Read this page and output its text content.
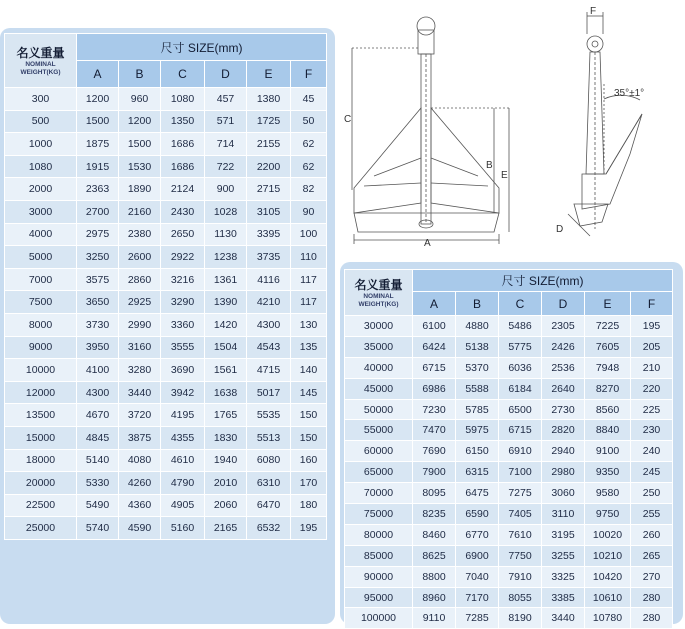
名义重量
NOMINAL
WEIGHT(KG)	尺寸 SIZE(mm)					
	A	B	C	D	E	F
300	1200	960	1080	457	1380	45
500	1500	1200	1350	571	1725	50
1000	1875	1500	1686	714	2155	62
1080	1915	1530	1686	722	2200	62
2000	2363	1890	2124	900	2715	82
3000	2700	2160	2430	1028	3105	90
4000	2975	2380	2650	1130	3395	100
5000	3250	2600	2922	1238	3735	110
7000	3575	2860	3216	1361	4116	117
7500	3650	2925	3290	1390	4210	117
8000	3730	2990	3360	1420	4300	130
9000	3950	3160	3555	1504	4543	135
10000	4100	3280	3690	1561	4715	140
12000	4300	3440	3942	1638	5017	145
13500	4670	3720	4195	1765	5535	150
15000	4845	3875	4355	1830	5513	150
18000	5140	4080	4610	1940	6080	160
20000	5330	4260	4790	2010	6310	170
22500	5490	4360	4905	2060	6470	180
25000	5740	4590	5160	2165	6532	195
名义重量
NOMINAL
WEIGHT(KG)	尺寸 SIZE(mm)					
	A	B	C	D	E	F
30000	6100	4880	5486	2305	7225	195
35000	6424	5138	5775	2426	7605	205
40000	6715	5370	6036	2536	7948	210
45000	6986	5588	6184	2640	8270	220
50000	7230	5785	6500	2730	8560	225
55000	7470	5975	6715	2820	8840	230
60000	7690	6150	6910	2940	9100	240
65000	7900	6315	7100	2980	9350	245
70000	8095	6475	7275	3060	9580	250
75000	8235	6590	7405	3110	9750	255
80000	8460	6770	7610	3195	10020	260
85000	8625	6900	7750	3255	10210	265
90000	8800	7040	7910	3325	10420	270
95000	8960	7170	8055	3385	10610	280
100000	9110	7285	8190	3440	10780	280
C
B
E
A
F
35°±1°
D
